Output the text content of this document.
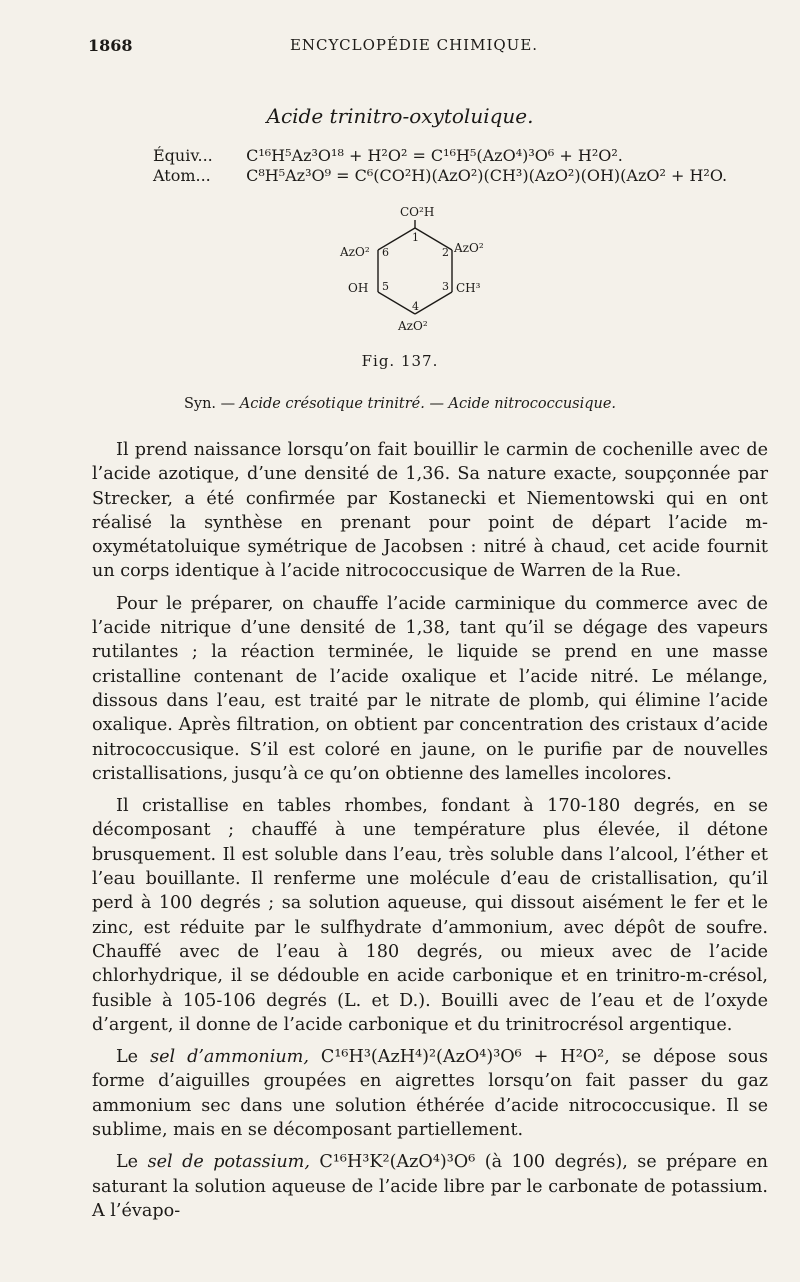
1868	ENCYCLOPÉDIE CHIMIQUE.
Acide trinitro-oxytoluique.
Équiv... C¹⁶H⁵Az³O¹⁸ + H²O² = C¹⁶H⁵(AzO⁴)³O⁶ + H²O².
Atom... C⁸H⁵Az³O⁹ = C⁶(CO²H)(AzO²)(CH³)(AzO²)(OH)(AzO² + H²O.
CO²H
1
2
3
4
5
6
AzO²	AzO²
OH	CH³
AzO²
Fig. 137.
Syn. — Acide crésotique trinitré. — Acide nitrococcusique.

Il prend naissance lorsqu’on fait bouillir le carmin de cochenille avec de l’acide azotique, d’une densité de 1,36. Sa nature exacte, soupçonnée par Strecker, a été confirmée par Kostanecki et Niementowski qui en ont réalisé la synthèse en prenant pour point de départ l’acide m-oxymétatoluique symétrique de Jacobsen : nitré à chaud, cet acide fournit un corps identique à l’acide nitrococcusique de Warren de la Rue.

Pour le préparer, on chauffe l’acide carminique du commerce avec de l’acide nitrique d’une densité de 1,38, tant qu’il se dégage des vapeurs rutilantes ; la réaction terminée, le liquide se prend en une masse cristalline contenant de l’acide oxalique et l’acide nitré. Le mélange, dissous dans l’eau, est traité par le nitrate de plomb, qui élimine l’acide oxalique. Après filtration, on obtient par concentration des cristaux d’acide nitrococcusique. S’il est coloré en jaune, on le purifie par de nouvelles cristallisations, jusqu’à ce qu’on obtienne des lamelles incolores.

Il cristallise en tables rhombes, fondant à 170-180 degrés, en se décomposant ; chauffé à une température plus élevée, il détone brusquement. Il est soluble dans l’eau, très soluble dans l’alcool, l’éther et l’eau bouillante. Il renferme une molécule d’eau de cristallisation, qu’il perd à 100 degrés ; sa solution aqueuse, qui dissout aisément le fer et le zinc, est réduite par le sulfhydrate d’ammonium, avec dépôt de soufre. Chauffé avec de l’eau à 180 degrés, ou mieux avec de l’acide chlorhydrique, il se dédouble en acide carbonique et en trinitro-m-crésol, fusible à 105-106 degrés (L. et D.). Bouilli avec de l’eau et de l’oxyde d’argent, il donne de l’acide carbonique et du trinitrocrésol argentique.

Le sel d’ammonium, C¹⁶H³(AzH⁴)²(AzO⁴)³O⁶ + H²O², se dépose sous forme d’aiguilles groupées en aigrettes lorsqu’on fait passer du gaz ammonium sec dans une solution éthérée d’acide nitrococcusique. Il se sublime, mais en se décomposant partiellement.

Le sel de potassium, C¹⁶H³K²(AzO⁴)³O⁶ (à 100 degrés), se prépare en saturant la solution aqueuse de l’acide libre par le carbonate de potassium. A l’évapo-
